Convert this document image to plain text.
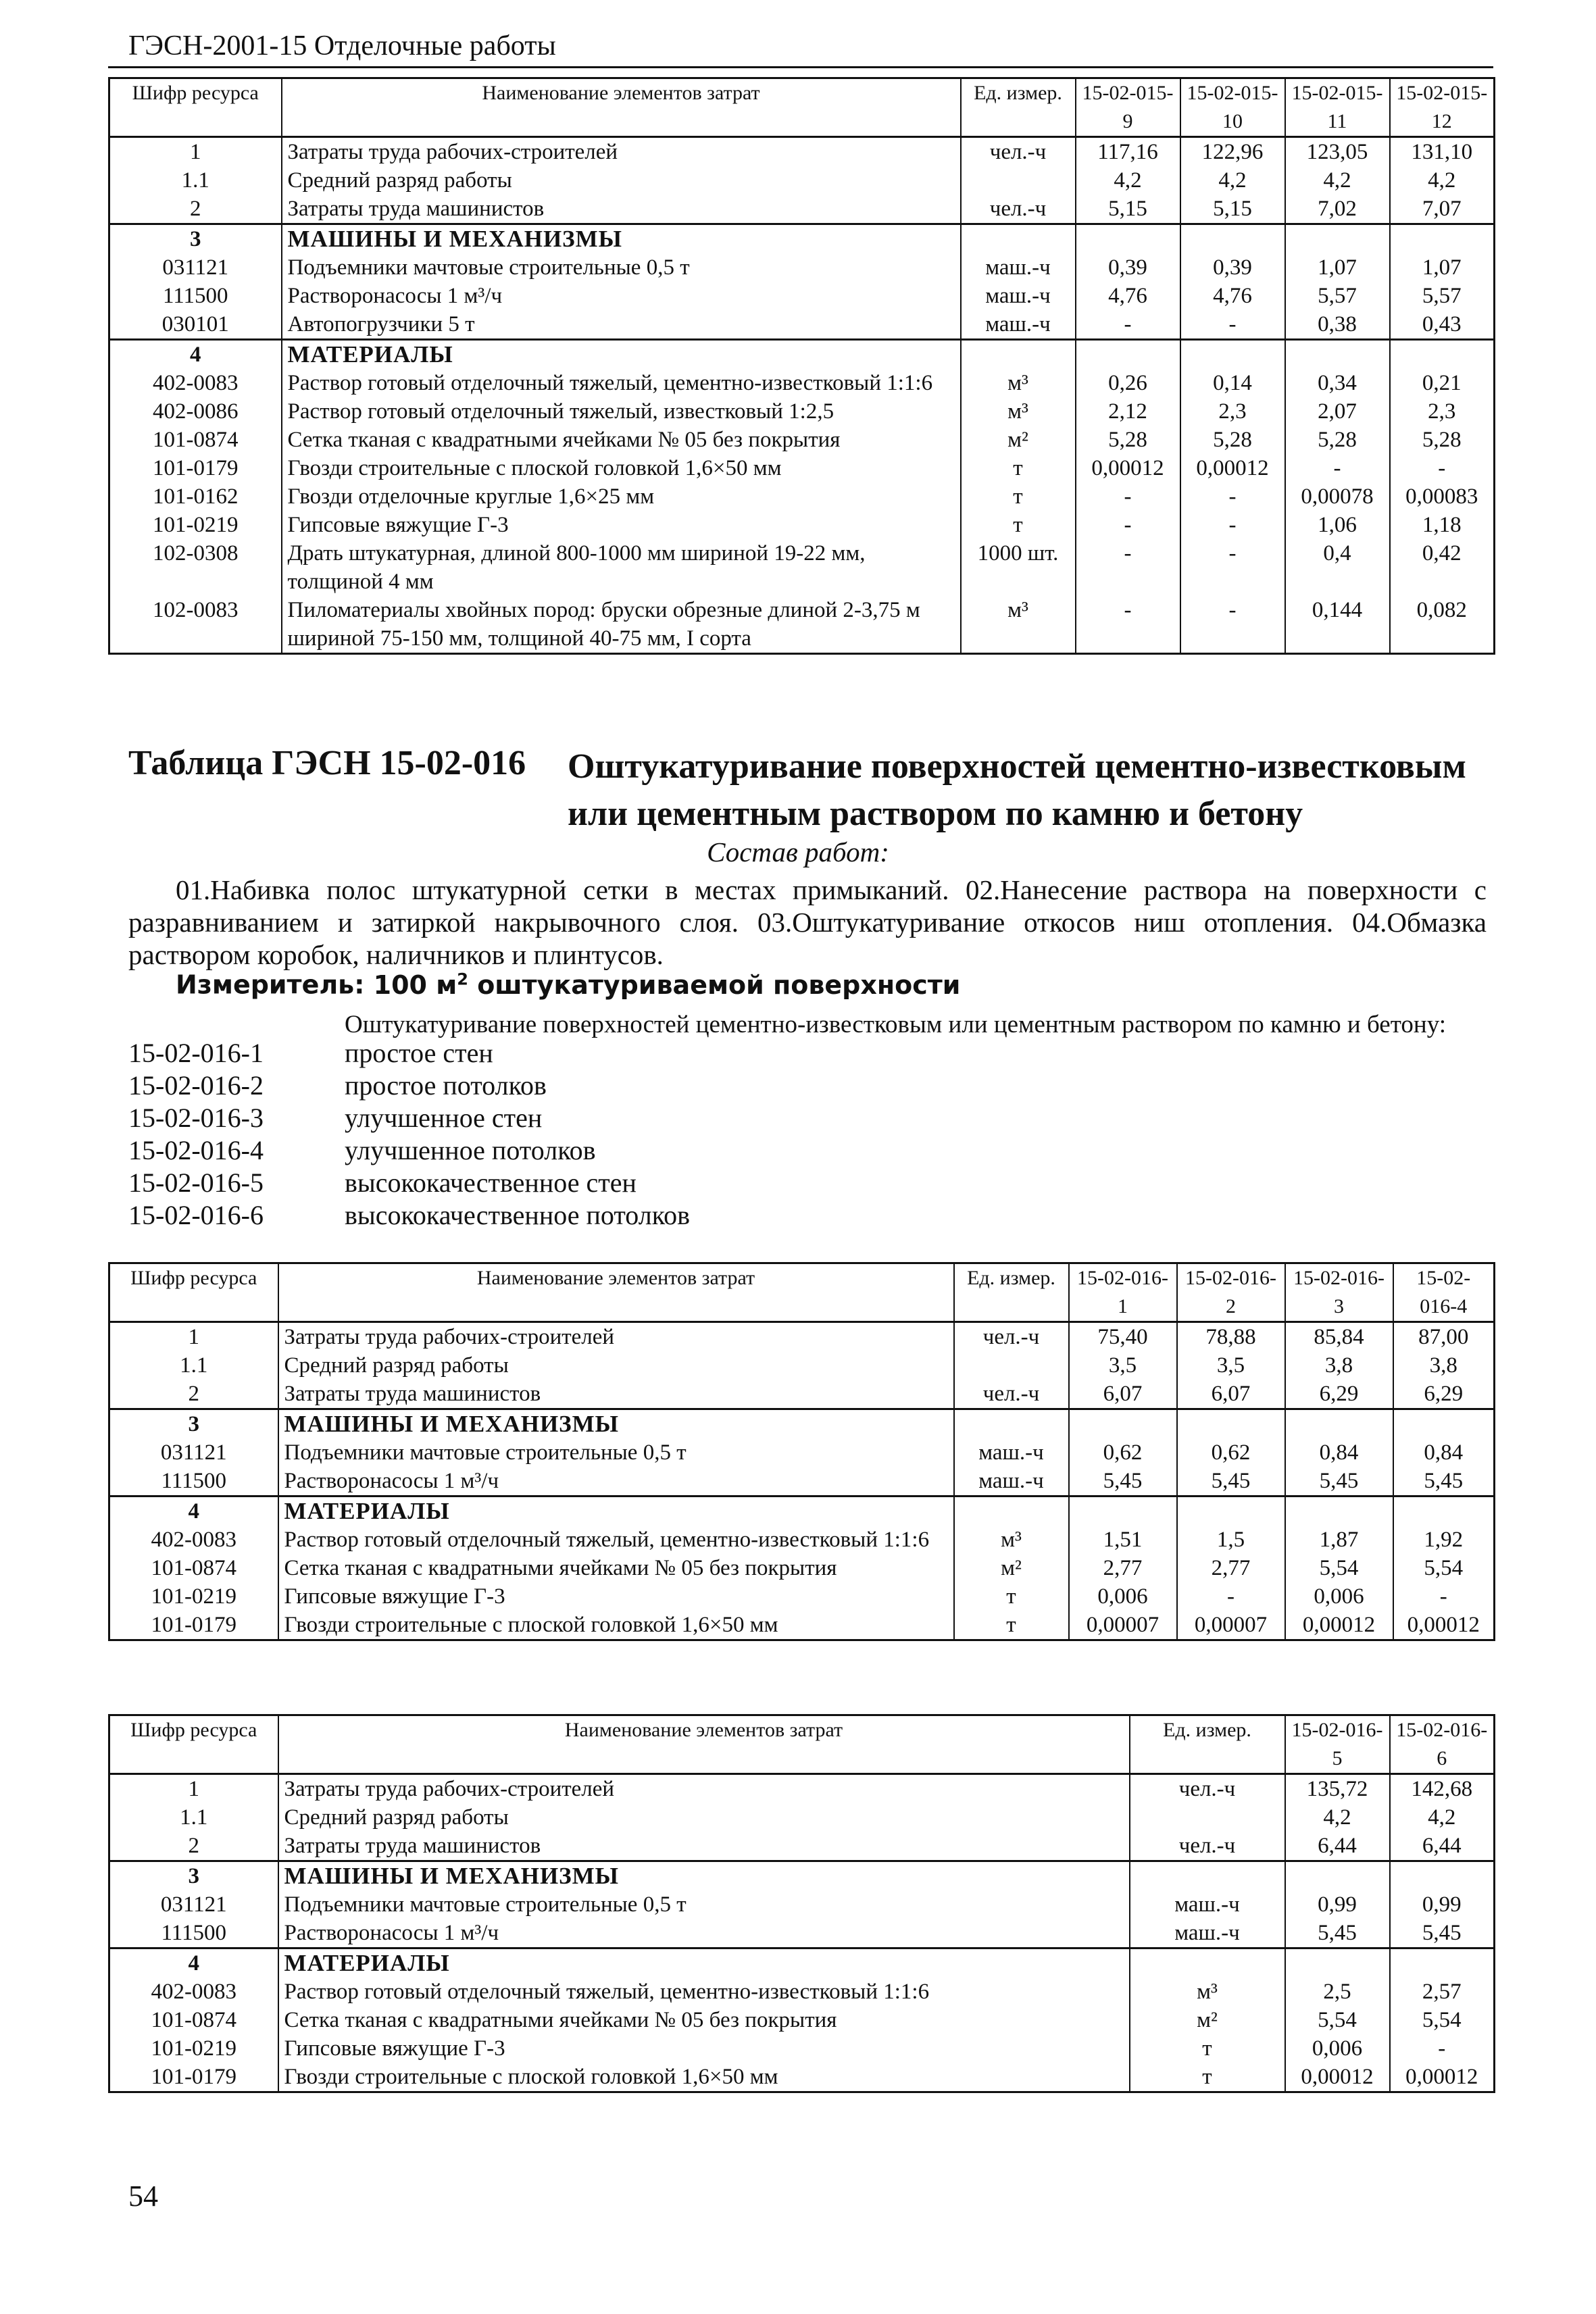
ГЭСН-2001-15 Отделочные работы
Шифр ресурса	Наименование элементов затрат	Ед. измер.	15-02-015-9	15-02-015-10	15-02-015-11	15-02-015-12
1	Затраты труда рабочих-строителей	чел.-ч	117,16	122,96	123,05	131,10
1.1	Средний разряд работы		4,2	4,2	4,2	4,2
2	Затраты труда машинистов	чел.-ч	5,15	5,15	7,02	7,07
3	МАШИНЫ И МЕХАНИЗМЫ					
031121	Подъемники мачтовые строительные 0,5 т	маш.-ч	0,39	0,39	1,07	1,07
111500	Растворонасосы 1 м³/ч	маш.-ч	4,76	4,76	5,57	5,57
030101	Автопогрузчики 5 т	маш.-ч	-	-	0,38	0,43
4	МАТЕРИАЛЫ					
402-0083	Раствор готовый отделочный тяжелый, цементно-известковый 1:1:6	м³	0,26	0,14	0,34	0,21
402-0086	Раствор готовый отделочный тяжелый, известковый 1:2,5	м³	2,12	2,3	2,07	2,3
101-0874	Сетка тканая с квадратными ячейками № 05 без покрытия	м²	5,28	5,28	5,28	5,28
101-0179	Гвозди строительные с плоской головкой 1,6×50 мм	т	0,00012	0,00012	-	-
101-0162	Гвозди отделочные круглые 1,6×25 мм	т	-	-	0,00078	0,00083
101-0219	Гипсовые вяжущие Г-3	т	-	-	1,06	1,18
102-0308	Драть штукатурная, длиной 800-1000 мм шириной 19-22 мм, толщиной 4 мм	1000 шт.	-	-	0,4	0,42
102-0083	Пиломатериалы хвойных пород: бруски обрезные длиной 2-3,75 м шириной 75-150 мм, толщиной 40-75 мм, I сорта	м³	-	-	0,144	0,082
Таблица ГЭСН 15-02-016	Оштукатуривание поверхностей цементно-известковым
или цементным раствором по камню и бетону
Состав работ:
01.Набивка полос штукатурной сетки в местах примыканий. 02.Нанесение раствора на поверхности с разравниванием и затиркой накрывочного слоя. 03.Оштукатуривание откосов ниш отопления. 04.Обмазка раствором коробок, наличников и плинтусов.
Измеритель: 100 $м^2$ оштукатуриваемой поверхности
Оштукатуривание поверхностей цементно-известковым или цементным раствором по камню и бетону:
15-02-016-1	простое стен
15-02-016-2	простое потолков
15-02-016-3	улучшенное стен
15-02-016-4	улучшенное потолков
15-02-016-5	высококачественное стен
15-02-016-6	высококачественное потолков
Шифр ресурса	Наименование элементов затрат	Ед. измер.	15-02-016-1	15-02-016-2	15-02-016-3	15-02-016-4
1	Затраты труда рабочих-строителей	чел.-ч	75,40	78,88	85,84	87,00
1.1	Средний разряд работы		3,5	3,5	3,8	3,8
2	Затраты труда машинистов	чел.-ч	6,07	6,07	6,29	6,29
3	МАШИНЫ И МЕХАНИЗМЫ					
031121	Подъемники мачтовые строительные 0,5 т	маш.-ч	0,62	0,62	0,84	0,84
111500	Растворонасосы 1 м³/ч	маш.-ч	5,45	5,45	5,45	5,45
4	МАТЕРИАЛЫ					
402-0083	Раствор готовый отделочный тяжелый, цементно-известковый 1:1:6	м³	1,51	1,5	1,87	1,92
101-0874	Сетка тканая с квадратными ячейками № 05 без покрытия	м²	2,77	2,77	5,54	5,54
101-0219	Гипсовые вяжущие Г-3	т	0,006	-	0,006	-
101-0179	Гвозди строительные с плоской головкой 1,6×50 мм	т	0,00007	0,00007	0,00012	0,00012
Шифр ресурса	Наименование элементов затрат	Ед. измер.	15-02-016-5	15-02-016-6
1	Затраты труда рабочих-строителей	чел.-ч	135,72	142,68
1.1	Средний разряд работы		4,2	4,2
2	Затраты труда машинистов	чел.-ч	6,44	6,44
3	МАШИНЫ И МЕХАНИЗМЫ			
031121	Подъемники мачтовые строительные 0,5 т	маш.-ч	0,99	0,99
111500	Растворонасосы 1 м³/ч	маш.-ч	5,45	5,45
4	МАТЕРИАЛЫ			
402-0083	Раствор готовый отделочный тяжелый, цементно-известковый 1:1:6	м³	2,5	2,57
101-0874	Сетка тканая с квадратными ячейками № 05 без покрытия	м²	5,54	5,54
101-0219	Гипсовые вяжущие Г-3	т	0,006	-
101-0179	Гвозди строительные с плоской головкой 1,6×50 мм	т	0,00012	0,00012
54
